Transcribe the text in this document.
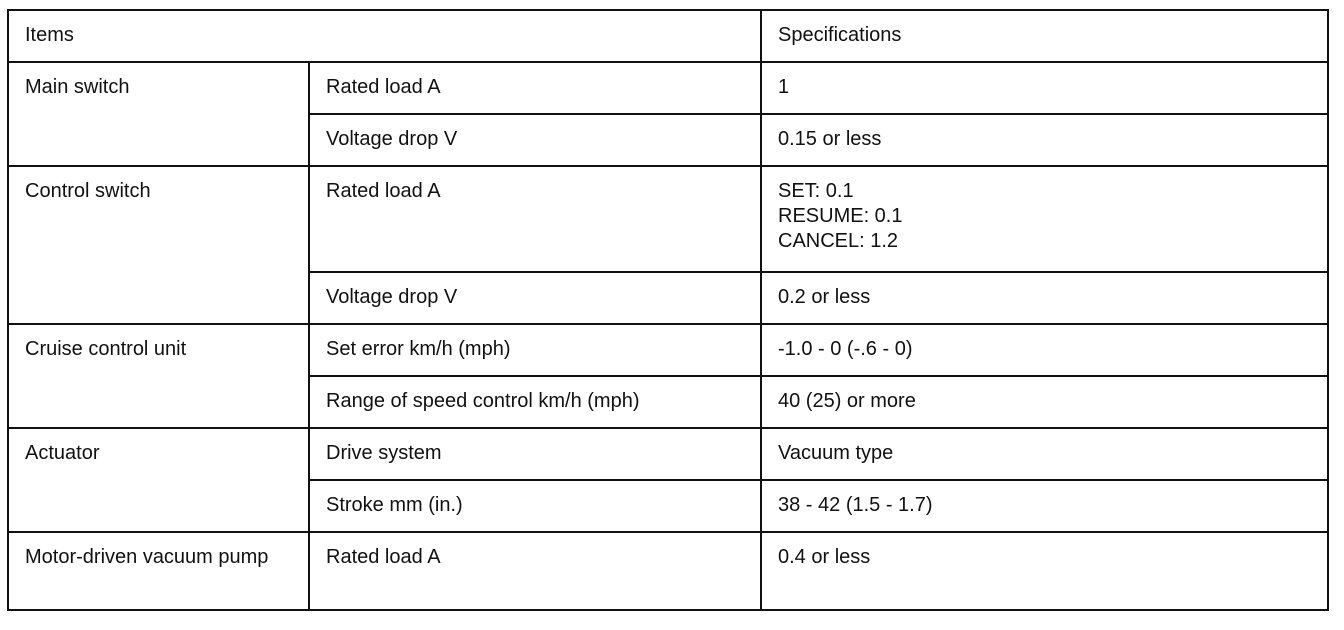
Items		Specifications
Main switch	Rated load A	1
	Voltage drop V	0.15 or less
Control switch	Rated load A	SET: 0.1
RESUME: 0.1
CANCEL: 1.2
	Voltage drop V	0.2 or less
Cruise control unit	Set error km/h (mph)	-1.0 - 0 (-.6 - 0)
	Range of speed control km/h (mph)	40 (25) or more
Actuator	Drive system	Vacuum type
	Stroke mm (in.)	38 - 42 (1.5 - 1.7)
Motor-driven vacuum pump	Rated load A	0.4 or less
